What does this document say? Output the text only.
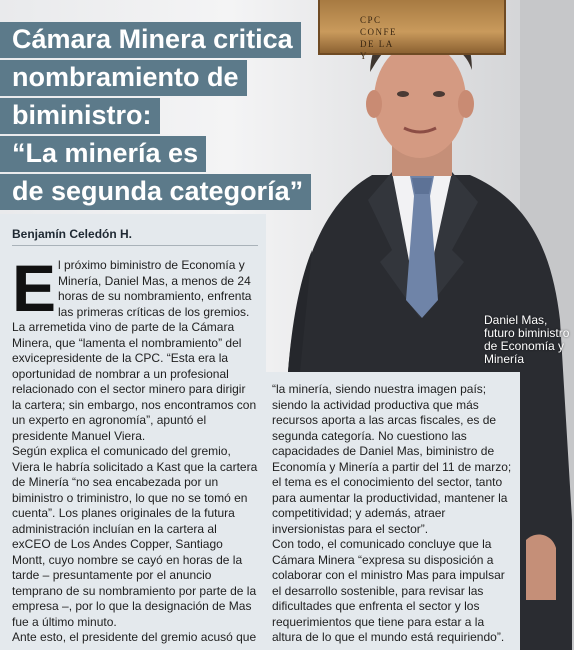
CPC
CONFE
DE LA
Y
Cámara Minera critica
nombramiento de
biministro:
“La minería es
de segunda categoría”
Daniel Mas, futuro biministro de Economía y Minería
Benjamín Celedón H.
E l próximo biministro de Economía y Minería, Daniel Mas, a menos de 24 horas de su nombramiento, enfrenta las primeras críticas de los gremios.
La arremetida vino de parte de la Cámara Minera, que “lamenta el nombramiento” del exvicepresidente de la CPC. “Esta era la oportunidad de nombrar a un profesional relacionado con el sector minero para dirigir la cartera; sin embargo, nos encontramos con un experto en agronomía”, apuntó el presidente Manuel Viera.
Según explica el comunicado del gremio, Viera le habría solicitado a Kast que la cartera de Minería “no sea encabezada por un biministro o triministro, lo que no se tomó en cuenta”. Los planes originales de la futura administración incluían en la cartera al exCEO de Los Andes Copper, Santiago Montt, cuyo nombre se cayó en horas de la tarde – presuntamente por el anuncio temprano de su nombramiento por parte de la empresa –, por lo que la designación de Mas fue a último minuto.
Ante esto, el presidente del gremio acusó que
“la minería, siendo nuestra imagen país; siendo la actividad productiva que más recursos aporta a las arcas fiscales, es de segunda categoría. No cuestiono las capacidades de Daniel Mas, biministro de Economía y Minería a partir del 11 de marzo; el tema es el conocimiento del sector, tanto para aumentar la productividad, mantener la competitividad; y además, atraer inversionistas para el sector”.
Con todo, el comunicado concluye que la Cámara Minera “expresa su disposición a colaborar con el ministro Mas para impulsar el desarrollo sostenible, para revisar las dificultades que enfrenta el sector y los requerimientos que tiene para estar a la altura de lo que el mundo está requiriendo”.
